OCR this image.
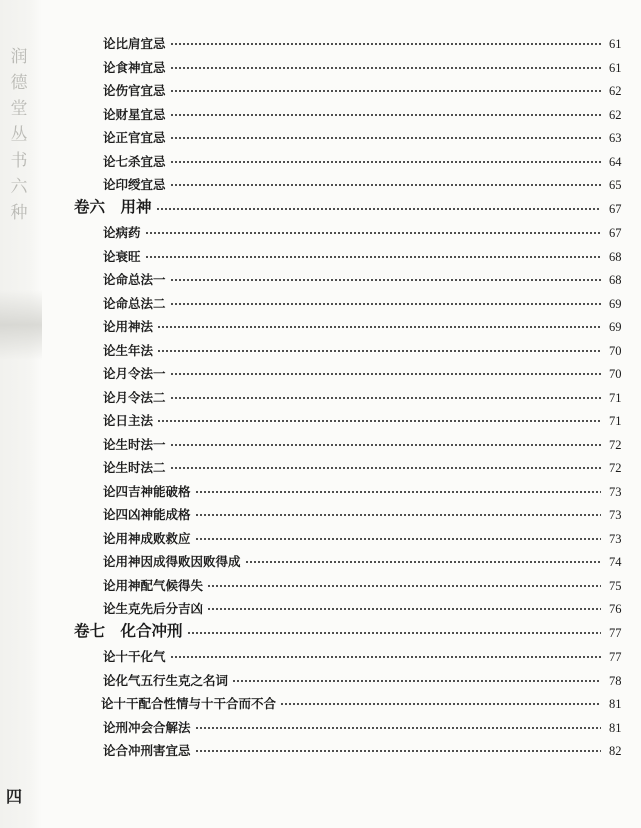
润
德
堂
丛
书
六
种
四
论比肩宜忌	61
论食神宜忌	61
论伤官宜忌	62
论财星宜忌	62
论正官宜忌	63
论七杀宜忌	64
论印绶宜忌	65
卷六　用神	67
论病药	67
论衰旺	68
论命总法一	68
论命总法二	69
论用神法	69
论生年法	70
论月令法一	70
论月令法二	71
论日主法	71
论生时法一	72
论生时法二	72
论四吉神能破格	73
论四凶神能成格	73
论用神成败救应	73
论用神因成得败因败得成	74
论用神配气候得失	75
论生克先后分吉凶	76
卷七　化合冲刑	77
论十干化气	77
论化气五行生克之名词	78
论十干配合性情与十干合而不合	81
论刑冲会合解法	81
论合冲刑害宜忌	82
